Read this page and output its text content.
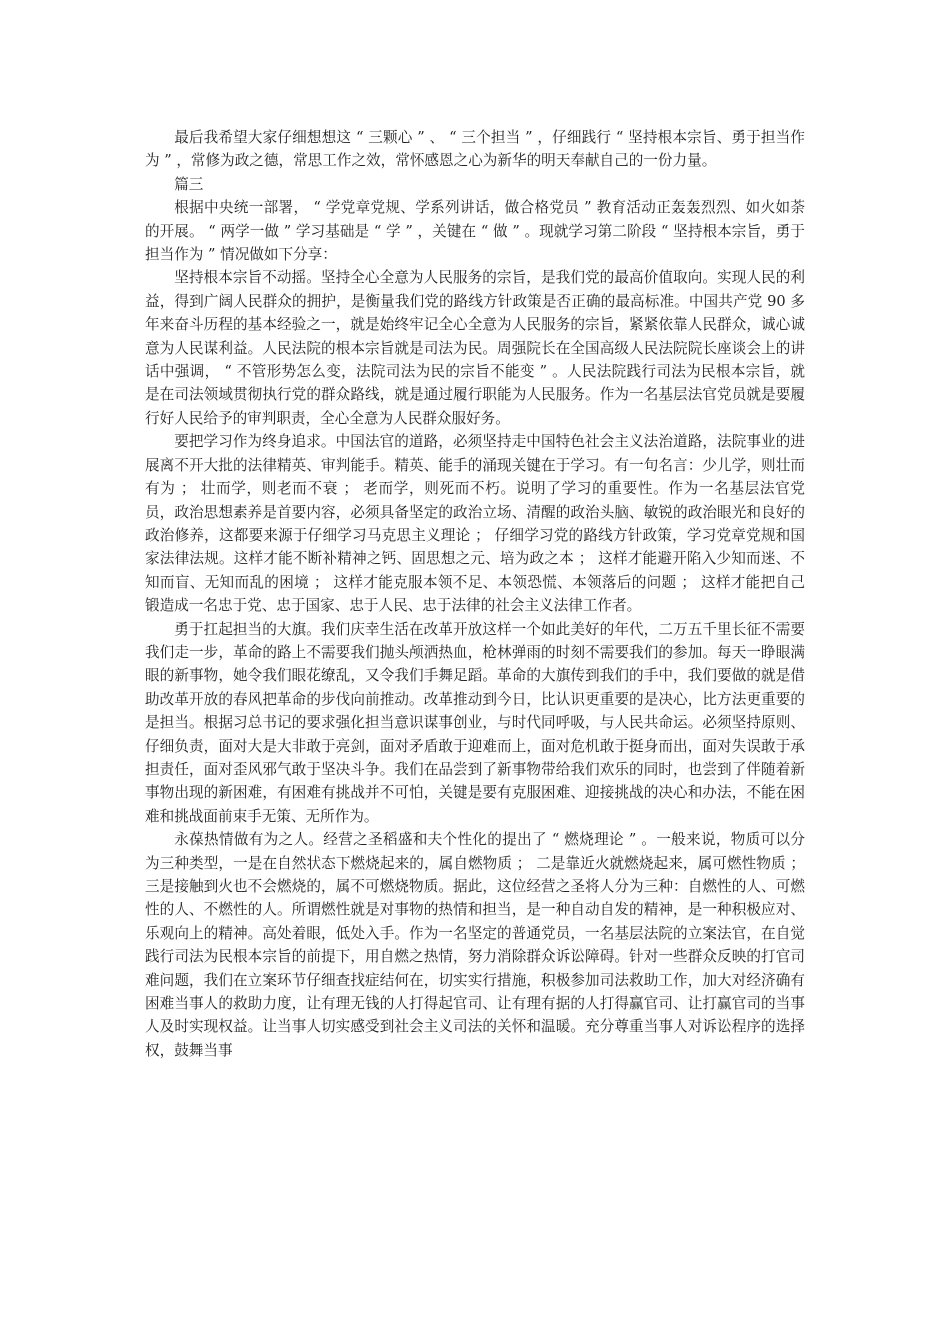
最后我希望大家仔细想想这 “ 三颗心 ” 、 “ 三个担当 ” ，仔细践行 “ 坚持根本宗旨、勇于担当作为 ” ，常修为政之德，常思工作之效，常怀感恩之心为新华的明天奉献自己的一份力量。

篇三

根据中央统一部署， “ 学党章党规、学系列讲话，做合格党员 ” 教育活动正轰轰烈烈、如火如荼的开展。 “ 两学一做 ” 学习基础是 “ 学 ” ，关键在 “ 做 ” 。现就学习第二阶段 “ 坚持根本宗旨，勇于担当作为 ” 情况做如下分享：

坚持根本宗旨不动摇。坚持全心全意为人民服务的宗旨，是我们党的最高价值取向。实现人民的利益，得到广阔人民群众的拥护，是衡量我们党的路线方针政策是否正确的最高标准。中国共产党 90 多年来奋斗历程的基本经验之一，就是始终牢记全心全意为人民服务的宗旨，紧紧依靠人民群众，诚心诚意为人民谋利益。人民法院的根本宗旨就是司法为民。周强院长在全国高级人民法院院长座谈会上的讲话中强调， “ 不管形势怎么变，法院司法为民的宗旨不能变 ” 。人民法院践行司法为民根本宗旨，就是在司法领域贯彻执行党的群众路线，就是通过履行职能为人民服务。作为一名基层法官党员就是要履行好人民给予的审判职责，全心全意为人民群众服好务。

要把学习作为终身追求。中国法官的道路，必须坚持走中国特色社会主义法治道路，法院事业的进展离不开大批的法律精英、审判能手。精英、能手的涌现关键在于学习。有一句名言：少儿学，则壮而有为 ； 壮而学，则老而不衰 ； 老而学，则死而不朽。说明了学习的重要性。作为一名基层法官党员，政治思想素养是首要内容，必须具备坚定的政治立场、清醒的政治头脑、敏锐的政治眼光和良好的政治修养，这都要来源于仔细学习马克思主义理论 ； 仔细学习党的路线方针政策，学习党章党规和国家法律法规。这样才能不断补精神之钙、固思想之元、培为政之本 ； 这样才能避开陷入少知而迷、不知而盲、无知而乱的困境 ； 这样才能克服本领不足、本领恐慌、本领落后的问题 ； 这样才能把自己锻造成一名忠于党、忠于国家、忠于人民、忠于法律的社会主义法律工作者。

勇于扛起担当的大旗。我们庆幸生活在改革开放这样一个如此美好的年代，二万五千里长征不需要我们走一步，革命的路上不需要我们抛头颅洒热血，枪林弹雨的时刻不需要我们的参加。每天一睁眼满眼的新事物，她令我们眼花缭乱，又令我们手舞足蹈。革命的大旗传到我们的手中，我们要做的就是借助改革开放的春风把革命的步伐向前推动。改革推动到今日，比认识更重要的是决心，比方法更重要的是担当。根据习总书记的要求强化担当意识谋事创业，与时代同呼吸，与人民共命运。必须坚持原则、仔细负责，面对大是大非敢于亮剑，面对矛盾敢于迎难而上，面对危机敢于挺身而出，面对失误敢于承担责任，面对歪风邪气敢于坚决斗争。我们在品尝到了新事物带给我们欢乐的同时，也尝到了伴随着新事物出现的新困难，有困难有挑战并不可怕，关键是要有克服困难、迎接挑战的决心和办法，不能在困难和挑战面前束手无策、无所作为。

永葆热情做有为之人。经营之圣稻盛和夫个性化的提出了 “ 燃烧理论 ” 。一般来说，物质可以分为三种类型，一是在自然状态下燃烧起来的，属自燃物质 ； 二是靠近火就燃烧起来，属可燃性物质 ； 三是接触到火也不会燃烧的，属不可燃烧物质。据此，这位经营之圣将人分为三种：自燃性的人、可燃性的人、不燃性的人。所谓燃性就是对事物的热情和担当，是一种自动自发的精神，是一种积极应对、乐观向上的精神。高处着眼，低处入手。作为一名坚定的普通党员，一名基层法院的立案法官，在自觉践行司法为民根本宗旨的前提下，用自燃之热情，努力消除群众诉讼障碍。针对一些群众反映的打官司难问题，我们在立案环节仔细查找症结何在，切实实行措施，积极参加司法救助工作，加大对经济确有困难当事人的救助力度，让有理无钱的人打得起官司、让有理有据的人打得赢官司、让打赢官司的当事人及时实现权益。让当事人切实感受到社会主义司法的关怀和温暖。充分尊重当事人对诉讼程序的选择权，鼓舞当事
